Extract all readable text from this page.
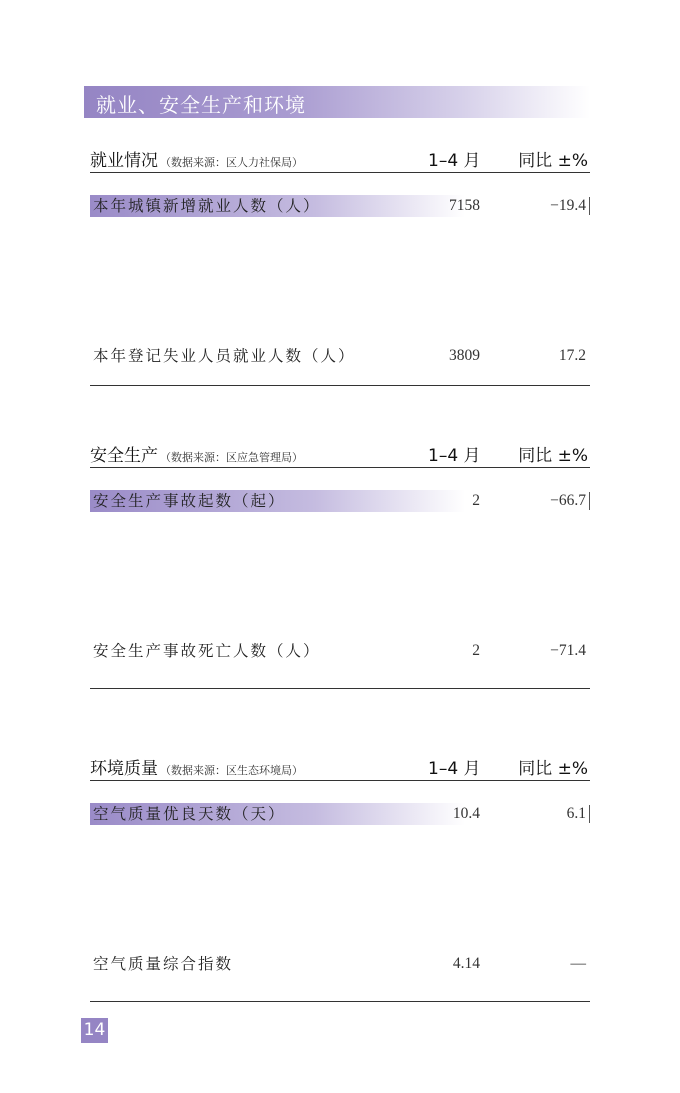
就业、安全生产和环境
就业情况 （数据来源：区人力社保局）	1–4 月 同比 ±%
本年城镇新增就业人数（人）	7158	−19.4
本年登记失业人员就业人数（人）	3809	17.2
安全生产 （数据来源：区应急管理局）	1–4 月 同比 ±%
安全生产事故起数（起）	2	−66.7
安全生产事故死亡人数（人）	2	−71.4
环境质量 （数据来源：区生态环境局）	1–4 月 同比 ±%
空气质量优良天数（天）	10.4	6.1
空气质量综合指数	4.14	—
14
